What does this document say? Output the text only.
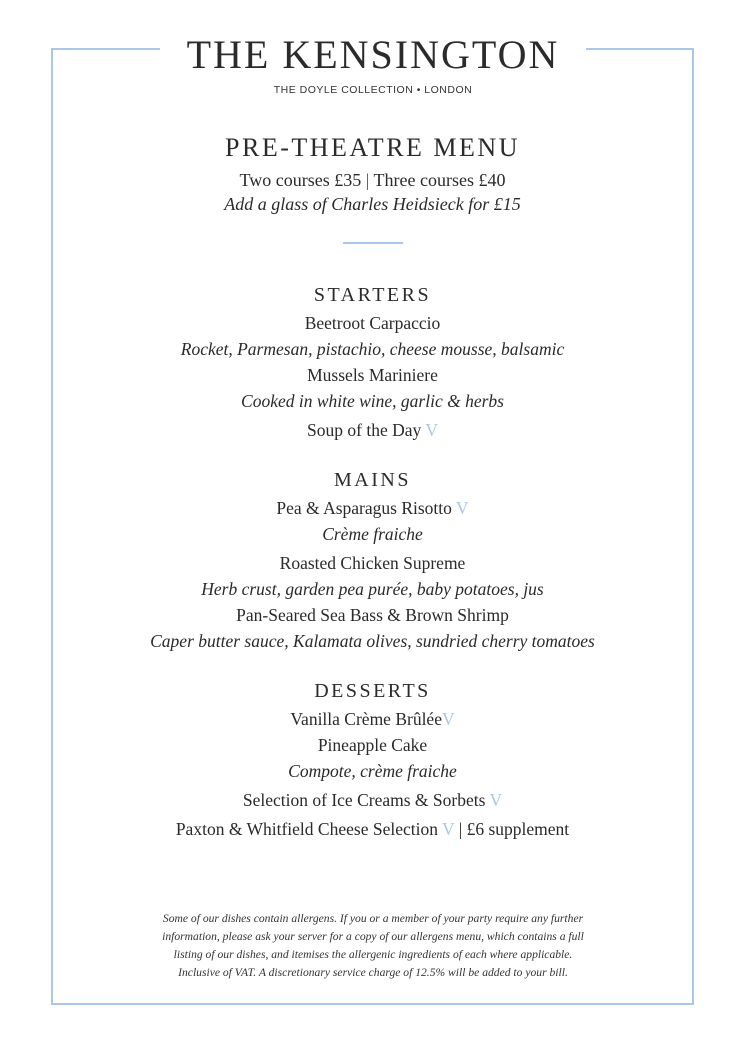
THE KENSINGTON
THE DOYLE COLLECTION • LONDON
PRE-THEATRE MENU
Two courses £35 | Three courses £40
Add a glass of Charles Heidsieck for £15
STARTERS
Beetroot Carpaccio
Rocket, Parmesan, pistachio, cheese mousse, balsamic
Mussels Mariniere
Cooked in white wine, garlic & herbs
Soup of the Day V
MAINS
Pea & Asparagus Risotto V
Crème fraiche
Roasted Chicken Supreme
Herb crust, garden pea purée, baby potatoes, jus
Pan-Seared Sea Bass & Brown Shrimp
Caper butter sauce, Kalamata olives, sundried cherry tomatoes
DESSERTS
Vanilla Crème BrûléeV
Pineapple Cake
Compote, crème fraiche
Selection of Ice Creams & Sorbets V
Paxton & Whitfield Cheese Selection V | £6 supplement
Some of our dishes contain allergens. If you or a member of your party require any further
information, please ask your server for a copy of our allergens menu, which contains a full
listing of our dishes, and itemises the allergenic ingredients of each where applicable.
Inclusive of VAT. A discretionary service charge of 12.5% will be added to your bill.
